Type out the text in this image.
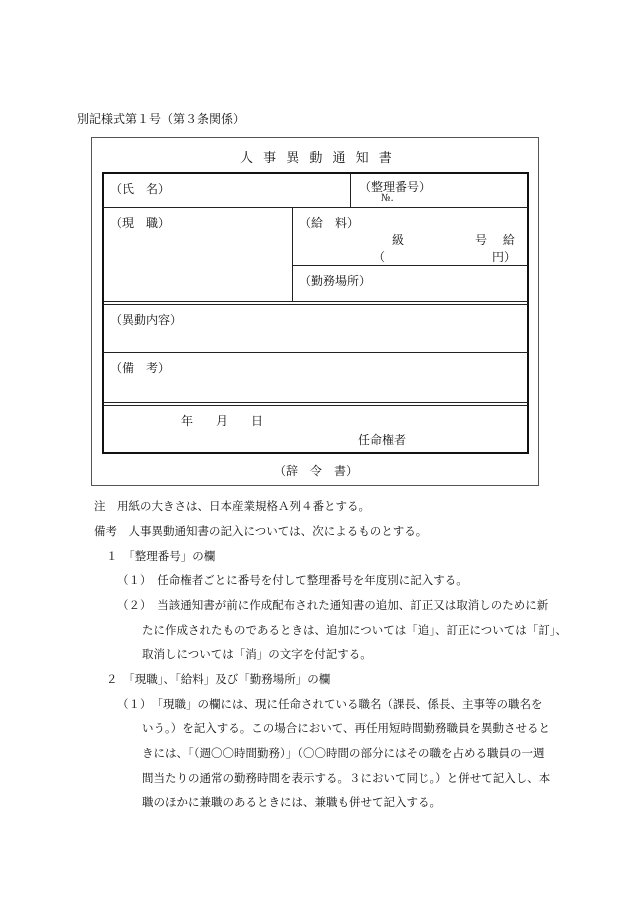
別記様式第１号（第３条関係）
人 事 異 動 通 知 書
（氏　名）	（整理番号）
№.
（現　職）	（給　料）
級	号 給
（	円）
（勤務場所）
（異動内容）
（備　考）
年 月 日
任命権者
（辞　令　書）
注　用紙の大きさは、日本産業規格Ａ列４番とする。
備考　人事異動通知書の記入については、次によるものとする。
１　「整理番号」の欄
（１）　任命権者ごとに番号を付して整理番号を年度別に記入する。
（２）　当該通知書が前に作成配布された通知書の追加、訂正又は取消しのために新
たに作成されたものであるときは、追加については「追」、訂正については「訂」、
取消しについては「消」の文字を付記する。
２　「現職」、「給料」及び「勤務場所」の欄
（１）　「現職」の欄には、現に任命されている職名（課長、係長、主事等の職名を
いう。）を記入する。この場合において、再任用短時間勤務職員を異動させると
きには、「（週〇〇時間勤務）」（〇〇時間の部分にはその職を占める職員の一週
間当たりの通常の勤務時間を表示する。３において同じ。）と併せて記入し、本
職のほかに兼職のあるときには、兼職も併せて記入する。
